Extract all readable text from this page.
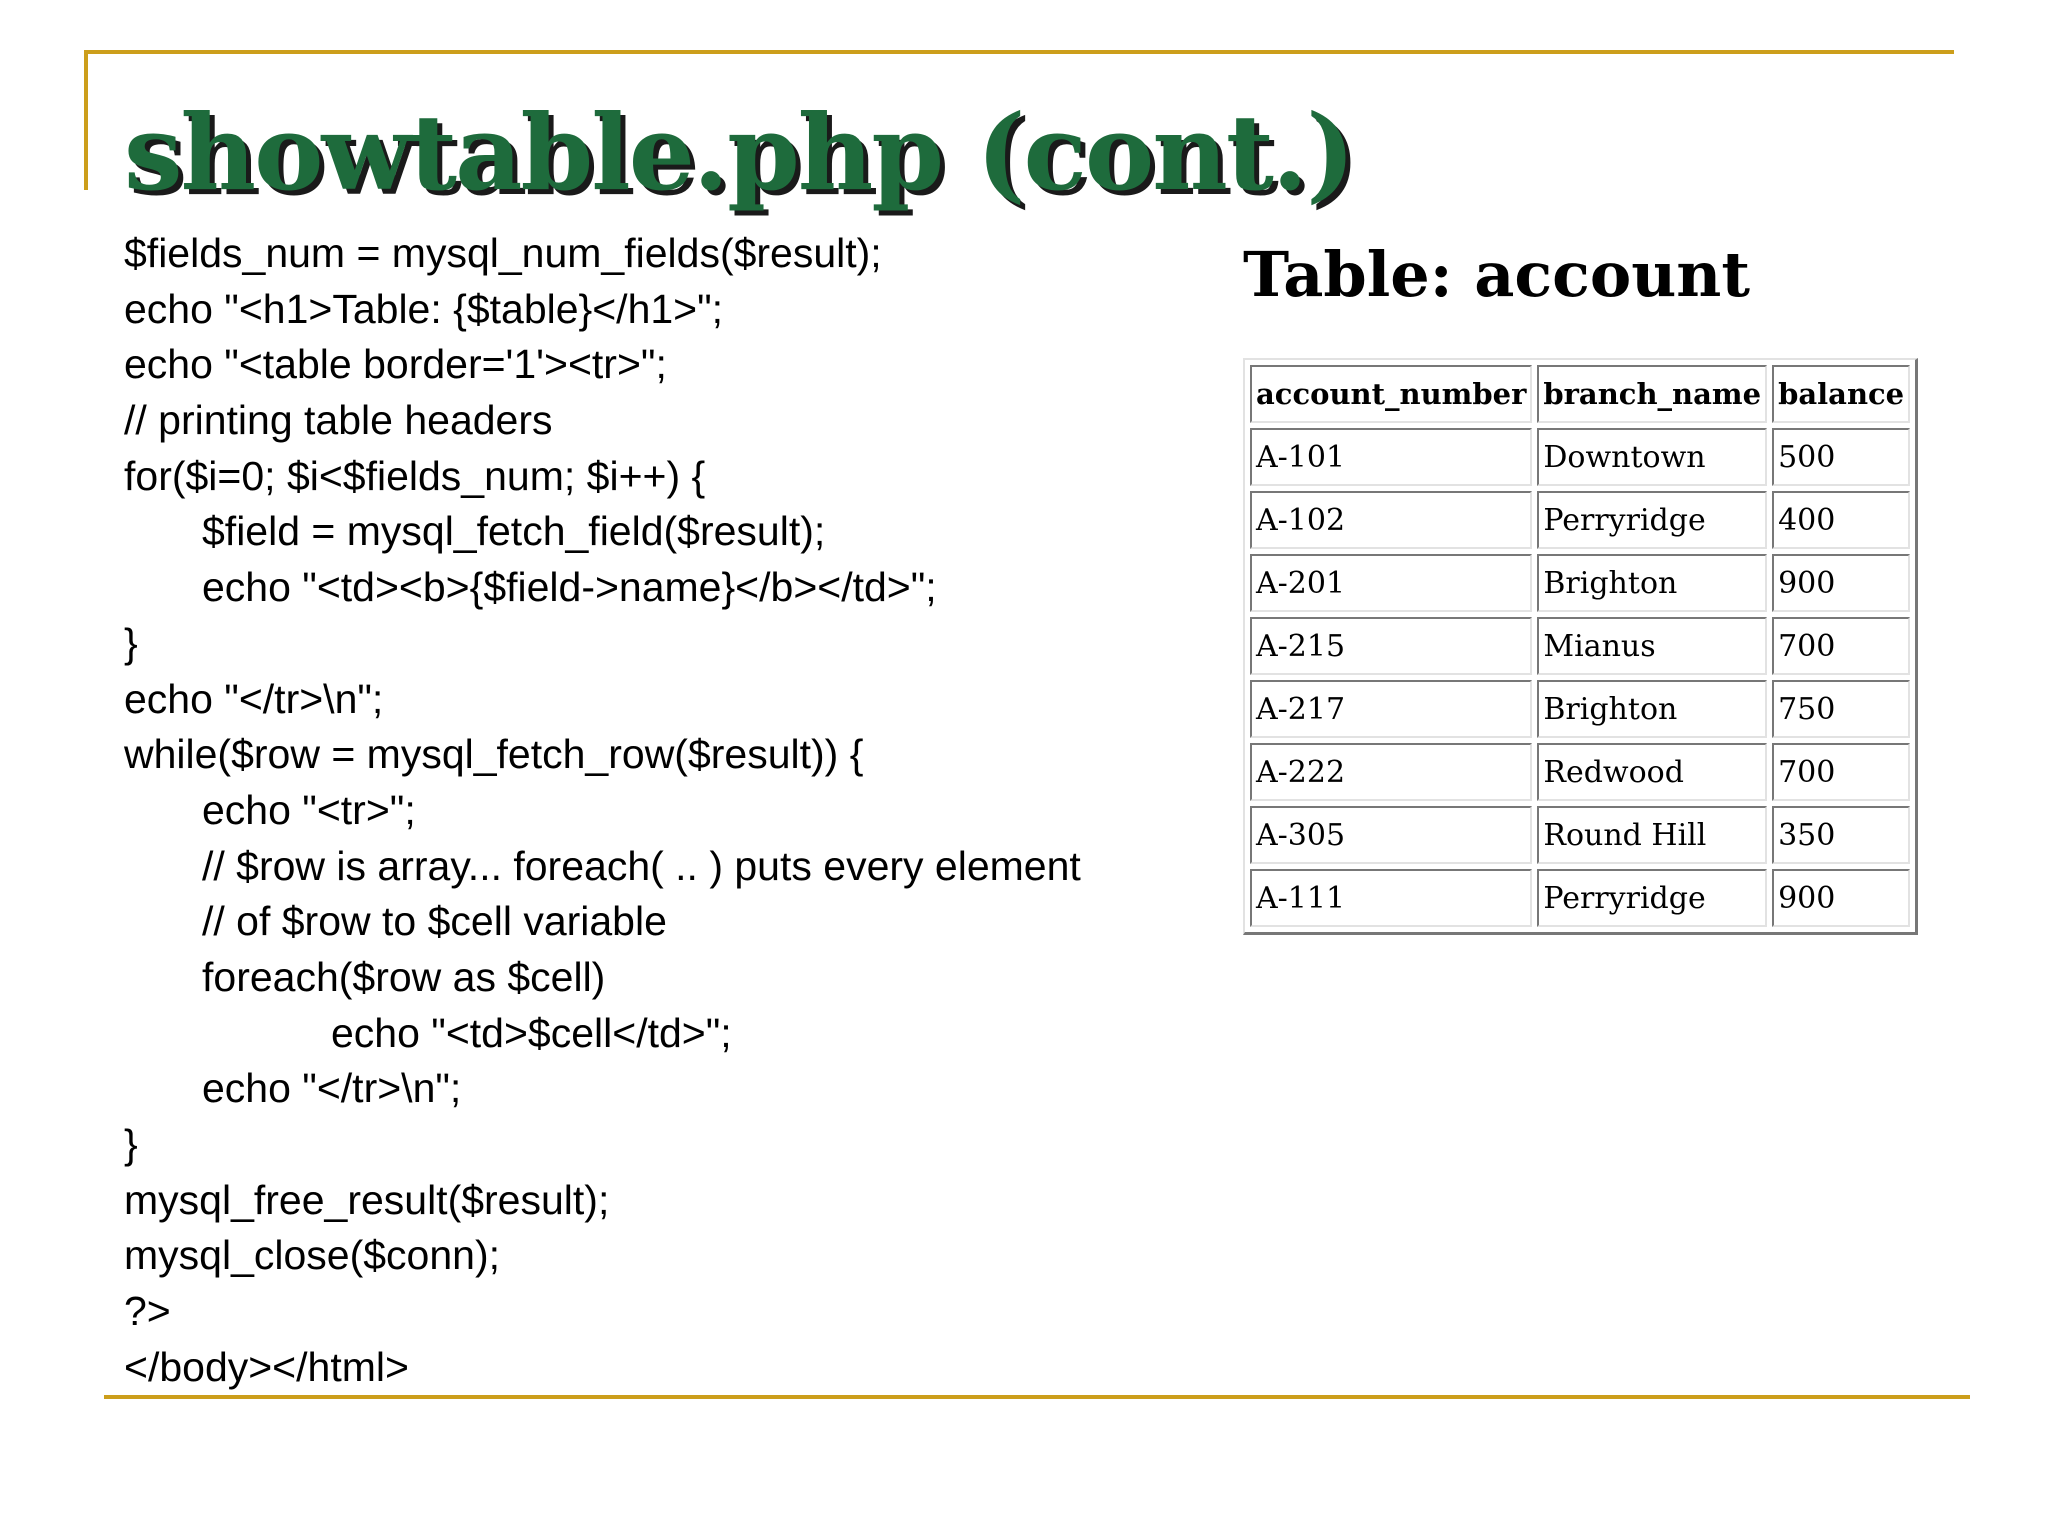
showtable.php (cont.)
$fields_num = mysql_num_fields($result);
echo "<h1>Table: {$table}</h1>";
echo "<table border='1'><tr>";
// printing table headers
for($i=0; $i<$fields_num; $i++) {
$field = mysql_fetch_field($result);
echo "<td><b>{$field->name}</b></td>";
}
echo "</tr>\n";
while($row = mysql_fetch_row($result)) {
echo "<tr>";
// $row is array... foreach( .. ) puts every element
// of $row to $cell variable
foreach($row as $cell)
echo "<td>$cell</td>";
echo "</tr>\n";
}
mysql_free_result($result);
mysql_close($conn);
?>
</body></html>
Table: account
account_number	branch_name	balance
A-101	Downtown	500
A-102	Perryridge	400
A-201	Brighton	900
A-215	Mianus	700
A-217	Brighton	750
A-222	Redwood	700
A-305	Round Hill	350
A-111	Perryridge	900
